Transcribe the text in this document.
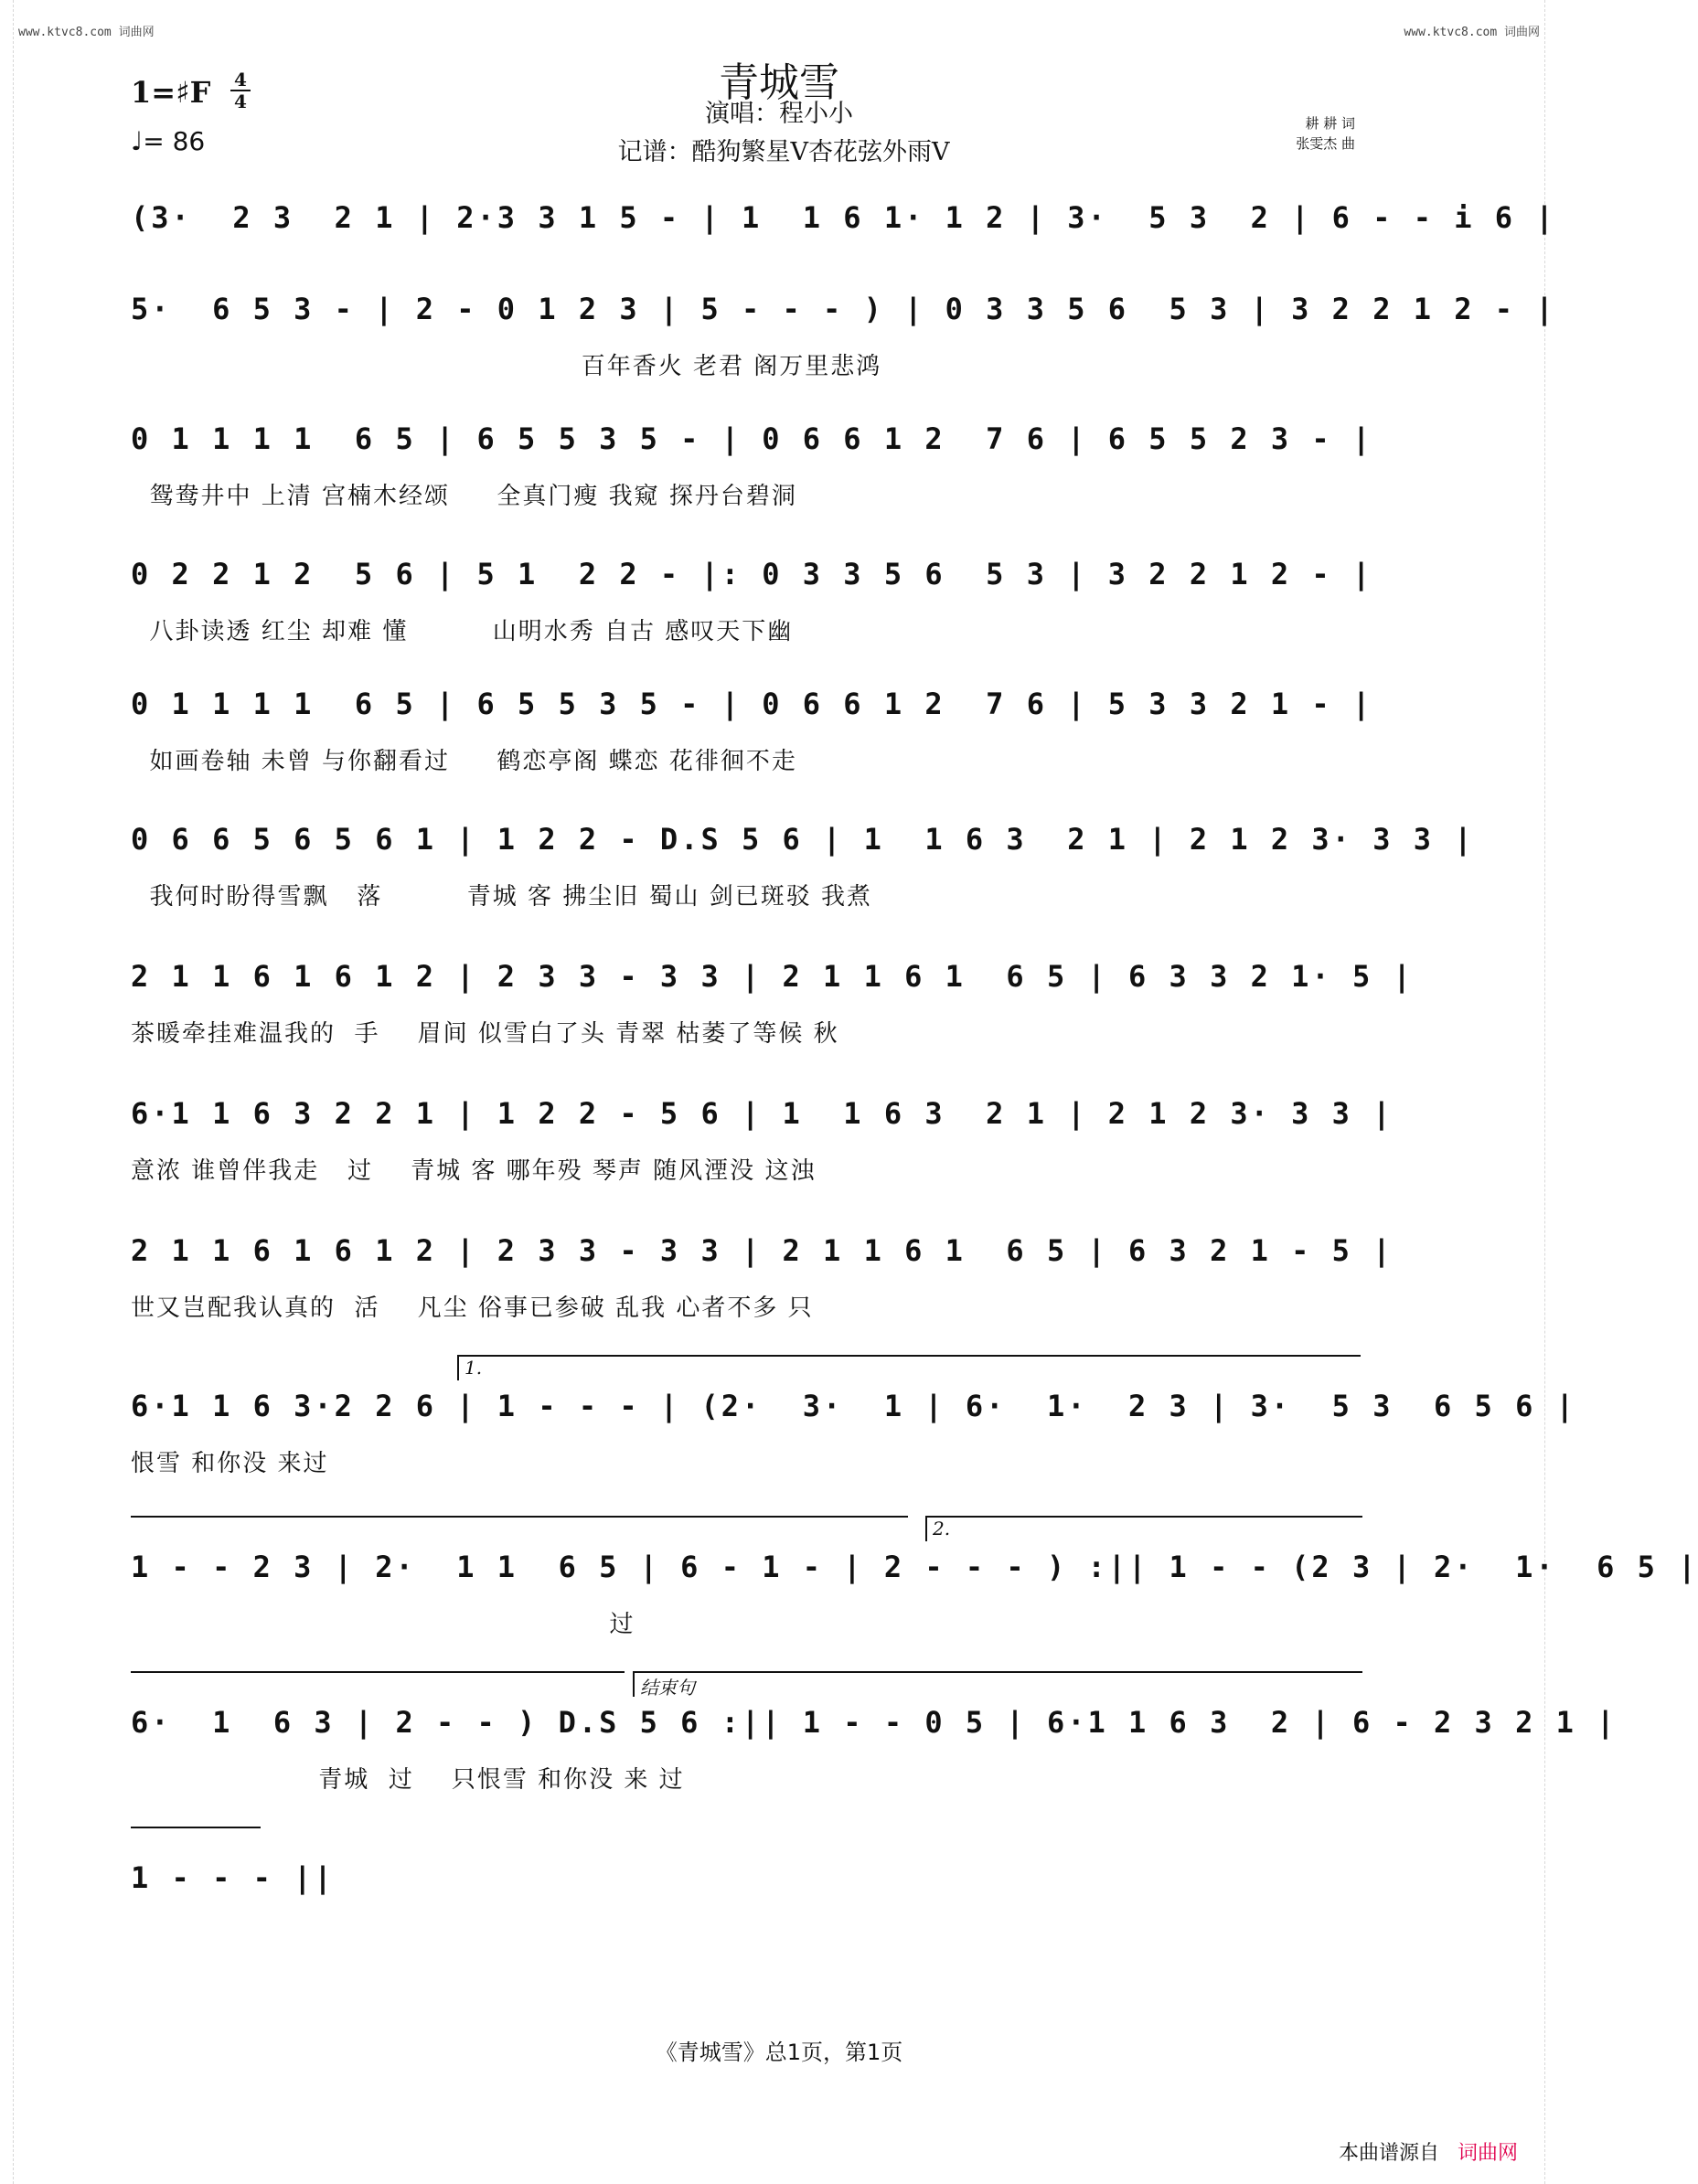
www.ktvc8.com 词曲网	www.ktvc8.com 词曲网
青城雪
演唱：程小小
记谱：酷狗繁星V杏花弦外雨V
1=♯F 4
4
♩= 86
耕 耕 词
张雯杰 曲
(3·  2 3  2 1 | 2·3 3 1 5 - | 1  1 6 1· 1 2 | 3·  5 3  2 | 6 - - i 6 |
5·  6 5 3 - | 2 - 0 1 2 3 | 5 - - - ) | 0 3 3 5 6  5 3 | 3 2 2 1 2 - |
百年香火 老君 阁万里悲鸿
0 1 1 1 1  6 5 | 6 5 5 3 5 - | 0 6 6 1 2  7 6 | 6 5 5 2 3 - |
鸳鸯井中 上清 宫楠木经颂     全真门瘦 我窥 探丹台碧洞
0 2 2 1 2  5 6 | 5 1  2 2 - |: 0 3 3 5 6  5 3 | 3 2 2 1 2 - |
八卦读透 红尘 却难 懂         山明水秀 自古 感叹天下幽
0 1 1 1 1  6 5 | 6 5 5 3 5 - | 0 6 6 1 2  7 6 | 5 3 3 2 1 - |
如画卷轴 未曾 与你翻看过     鹤恋亭阁 蝶恋 花徘徊不走
0 6 6 5 6 5 6 1 | 1 2 2 - D.S 5 6 | 1  1 6 3  2 1 | 2 1 2 3· 3 3 |
我何时盼得雪飘   落         青城 客 拂尘旧 蜀山 剑已斑驳 我煮
2 1 1 6 1 6 1 2 | 2 3 3 - 3 3 | 2 1 1 6 1  6 5 | 6 3 3 2 1· 5 |
茶暖牵挂难温我的  手    眉间 似雪白了头 青翠 枯萎了等候 秋
6·1 1 6 3 2 2 1 | 1 2 2 - 5 6 | 1  1 6 3  2 1 | 2 1 2 3· 3 3 |
意浓 谁曾伴我走   过    青城 客 哪年殁 琴声 随风湮没 这浊
2 1 1 6 1 6 1 2 | 2 3 3 - 3 3 | 2 1 1 6 1  6 5 | 6 3 2 1 - 5 |
世又岂配我认真的  活    凡尘 俗事已参破 乱我 心者不多 只
1.
6·1 1 6 3·2 2 6 | 1 - - - | (2·  3·  1 | 6·  1·  2 3 | 3·  5 3  6 5 6 |
恨雪 和你没 来过
2.
1 - - 2 3 | 2·  1 1  6 5 | 6 - 1 - | 2 - - - ) :|| 1 - - (2 3 | 2·  1·  6 5 |
过
结束句
6·  1  6 3 | 2 - - ) D.S 5 6 :|| 1 - - 0 5 | 6·1 1 6 3  2 | 6 - 2 3 2 1 |
青城  过    只恨雪 和你没 来 过
1 - - - ||
《青城雪》总1页，第1页
本曲谱源自 词曲网
